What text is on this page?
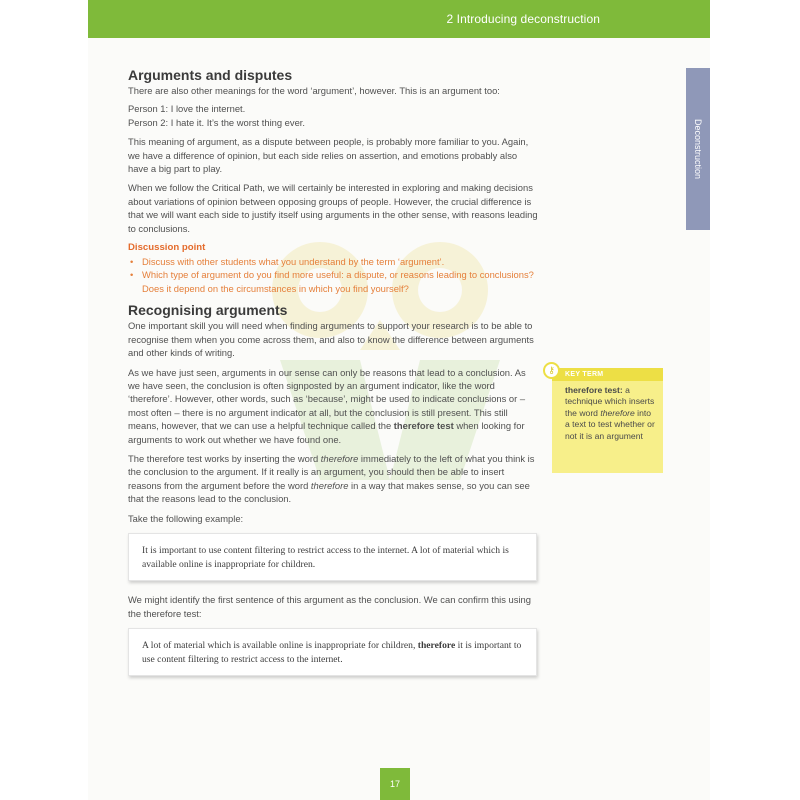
2 Introducing deconstruction
Deconstruction
Arguments and disputes

There are also other meanings for the word ‘argument’, however. This is an argument too:

Person 1: I love the internet.

Person 2: I hate it. It’s the worst thing ever.

This meaning of argument, as a dispute between people, is probably more familiar to you. Again, we have a difference of opinion, but each side relies on assertion, and emotions probably also have a big part to play.

When we follow the Critical Path, we will certainly be interested in exploring and making decisions about variations of opinion between opposing groups of people. However, the crucial difference is that we will want each side to justify itself using arguments in the other sense, with reasons leading to conclusions.

Discussion point
• Discuss with other students what you understand by the term ‘argument’.
• Which type of argument do you find more useful: a dispute, or reasons leading to conclusions? Does it depend on the circumstances in which you find yourself?
Recognising arguments

One important skill you will need when finding arguments to support your research is to be able to recognise them when you come across them, and also to know the difference between arguments and other kinds of writing.

As we have just seen, arguments in our sense can only be reasons that lead to a conclusion. As we have seen, the conclusion is often signposted by an argument indicator, like the word ‘therefore’. However, other words, such as ‘because’, might be used to indicate conclusions or – most often – there is no argument indicator at all, but the conclusion is still present. This still means, however, that we can use a helpful technique called the therefore test when looking for arguments to work out whether we have found one.

The therefore test works by inserting the word therefore immediately to the left of what you think is the conclusion to the argument. If it really is an argument, you should then be able to insert reasons from the argument before the word therefore in a way that makes sense, so you can see that the reasons lead to the conclusion.

Take the following example:

It is important to use content filtering to restrict access to the internet. A lot of material which is available online is inappropriate for children.

We might identify the first sentence of this argument as the conclusion. We can confirm this using the therefore test:

A lot of material which is available online is inappropriate for children, therefore it is important to use content filtering to restrict access to the internet.
⚷	KEY TERM
therefore test: a technique which inserts the word therefore into a text to test whether or not it is an argument
17
